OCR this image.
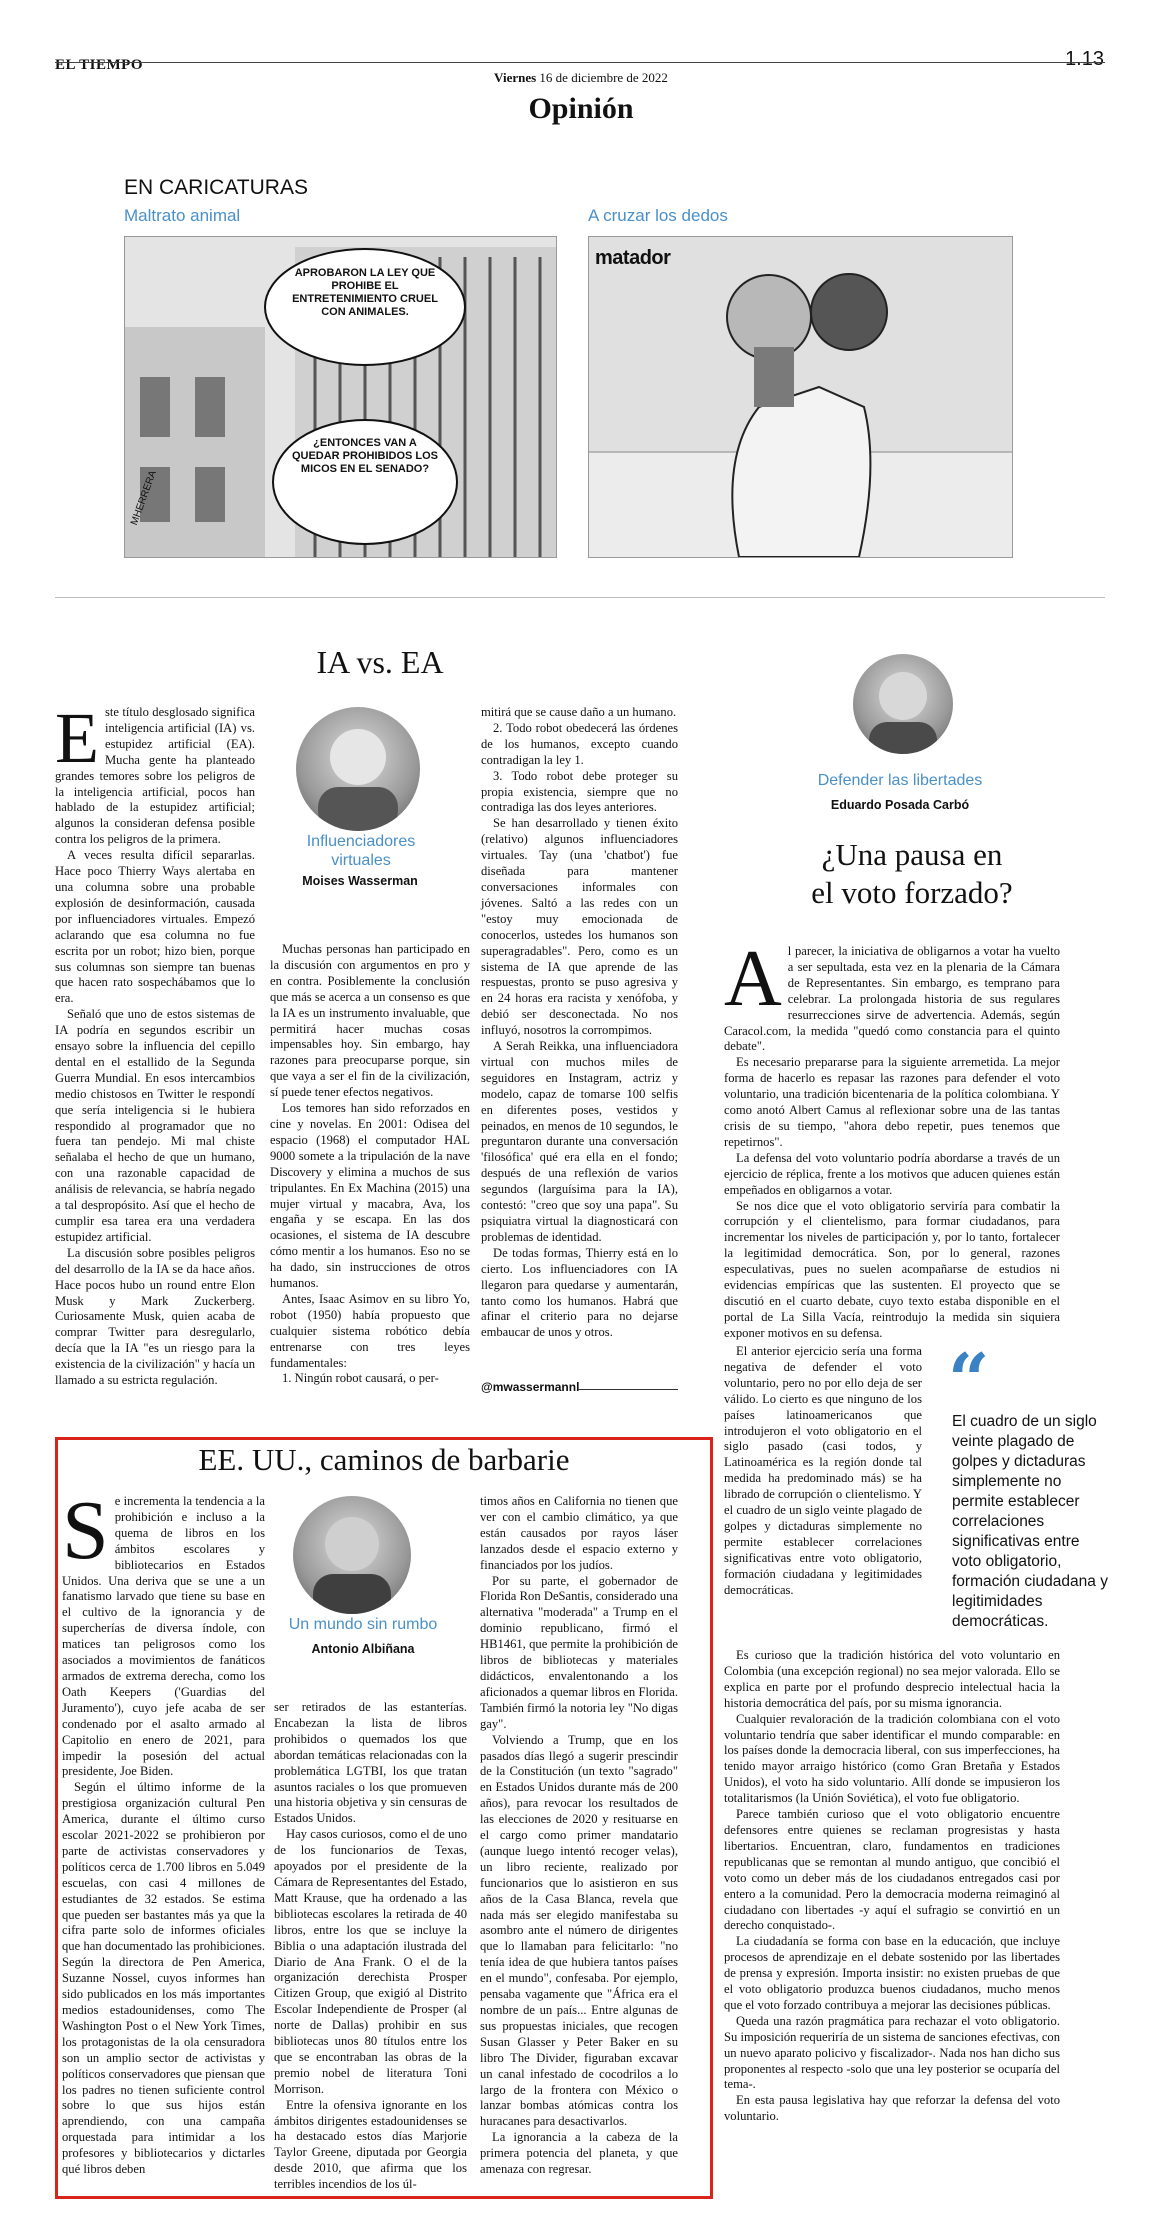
EL TIEMPO
Viernes 16 de diciembre de 2022
1.13
Opinión
EN CARICATURAS
Maltrato animal	A cruzar los dedos
APROBARON LA LEY QUE PROHIBE EL ENTRETENIMIENTO CRUEL CON ANIMALES.
¿ENTONCES VAN A QUEDAR PROHIBIDOS LOS MICOS EN EL SENADO?
MHERRERA
matador
IA vs. EA
E ste título desglosado significa inteligencia artificial (IA) vs. estupidez artificial (EA). Mucha gente ha planteado grandes temores sobre los peligros de la inteligencia artificial, pocos han hablado de la estupidez artificial; algunos la consideran defensa posible contra los peligros de la primera.

A veces resulta difícil separarlas. Hace poco Thierry Ways alertaba en una columna sobre una probable explosión de desinformación, causada por influenciadores virtuales. Empezó aclarando que esa columna no fue escrita por un robot; hizo bien, porque sus columnas son siempre tan buenas que hacen rato sospechábamos que lo era.

Señaló que uno de estos sistemas de IA podría en segundos escribir un ensayo sobre la influencia del cepillo dental en el estallido de la Segunda Guerra Mundial. En esos intercambios medio chistosos en Twitter le respondí que sería inteligencia si le hubiera respondido al programador que no fuera tan pendejo. Mi mal chiste señalaba el hecho de que un humano, con una razonable capacidad de análisis de relevancia, se habría negado a tal despropósito. Así que el hecho de cumplir esa tarea era una verdadera estupidez artificial.

La discusión sobre posibles peligros del desarrollo de la IA se da hace años. Hace pocos hubo un round entre Elon Musk y Mark Zuckerberg. Curiosamente Musk, quien acaba de comprar Twitter para desregularlo, decía que la IA "es un riesgo para la existencia de la civilización" y hacía un llamado a su estricta regulación.

Influenciadores virtuales
Moises Wasserman

Muchas personas han participado en la discusión con argumentos en pro y en contra. Posiblemente la conclusión que más se acerca a un consenso es que la IA es un instrumento invaluable, que permitirá hacer muchas cosas impensables hoy. Sin embargo, hay razones para preocuparse porque, sin que vaya a ser el fin de la civilización, sí puede tener efectos negativos.

Los temores han sido reforzados en cine y novelas. En 2001: Odisea del espacio (1968) el computador HAL 9000 somete a la tripulación de la nave Discovery y elimina a muchos de sus tripulantes. En Ex Machina (2015) una mujer virtual y macabra, Ava, los engaña y se escapa. En las dos ocasiones, el sistema de IA descubre cómo mentir a los humanos. Eso no se ha dado, sin instrucciones de otros humanos.

Antes, Isaac Asimov en su libro Yo, robot (1950) había propuesto que cualquier sistema robótico debía entrenarse con tres leyes fundamentales:

1. Ningún robot causará, o per-

mitirá que se cause daño a un humano.

2. Todo robot obedecerá las órdenes de los humanos, excepto cuando contradigan la ley 1.

3. Todo robot debe proteger su propia existencia, siempre que no contradiga las dos leyes anteriores.

Se han desarrollado y tienen éxito (relativo) algunos influenciadores virtuales. Tay (una 'chatbot') fue diseñada para mantener conversaciones informales con jóvenes. Saltó a las redes con un "estoy muy emocionada de conocerlos, ustedes los humanos son superagradables". Pero, como es un sistema de IA que aprende de las respuestas, pronto se puso agresiva y en 24 horas era racista y xenófoba, y debió ser desconectada. No nos influyó, nosotros la corrompimos.

A Serah Reikka, una influenciadora virtual con muchos miles de seguidores en Instagram, actriz y modelo, capaz de tomarse 100 selfis en diferentes poses, vestidos y peinados, en menos de 10 segundos, le preguntaron durante una conversación 'filosófica' qué era ella en el fondo; después de una reflexión de varios segundos (larguísima para la IA), contestó: "creo que soy una papa". Su psiquiatra virtual la diagnosticará con problemas de identidad.

De todas formas, Thierry está en lo cierto. Los influenciadores con IA llegaron para quedarse y aumentarán, tanto como los humanos. Habrá que afinar el criterio para no dejarse embaucar de unos y otros.

@mwassermannl
Defender las libertades
Eduardo Posada Carbó
¿Una pausa en
el voto forzado?
A l parecer, la iniciativa de obligarnos a votar ha vuelto a ser sepultada, esta vez en la plenaria de la Cámara de Representantes. Sin embargo, es temprano para celebrar. La prolongada historia de sus regulares resurrecciones sirve de advertencia. Además, según Caracol.com, la medida "quedó como constancia para el quinto debate".

Es necesario prepararse para la siguiente arremetida. La mejor forma de hacerlo es repasar las razones para defender el voto voluntario, una tradición bicentenaria de la política colombiana. Y como anotó Albert Camus al reflexionar sobre una de las tantas crisis de su tiempo, "ahora debo repetir, pues tenemos que repetirnos".

La defensa del voto voluntario podría abordarse a través de un ejercicio de réplica, frente a los motivos que aducen quienes están empeñados en obligarnos a votar.

Se nos dice que el voto obligatorio serviría para combatir la corrupción y el clientelismo, para formar ciudadanos, para incrementar los niveles de participación y, por lo tanto, fortalecer la legitimidad democrática. Son, por lo general, razones especulativas, pues no suelen acompañarse de estudios ni evidencias empíricas que las sustenten. El proyecto que se discutió en el cuarto debate, cuyo texto estaba disponible en el portal de La Silla Vacía, reintrodujo la medida sin siquiera exponer motivos en su defensa.

El anterior ejercicio sería una forma negativa de defender el voto voluntario, pero no por ello deja de ser válido. Lo cierto es que ninguno de los países latinoamericanos que introdujeron el voto obligatorio en el siglo pasado (casi todos, y Latinoamérica es la región donde tal medida ha predominado más) se ha librado de corrupción o clientelismo. Y el cuadro de un siglo veinte plagado de golpes y dictaduras simplemente no permite establecer correlaciones significativas entre voto obligatorio, formación ciudadana y legitimidades democráticas.

“
El cuadro de un siglo veinte plagado de golpes y dictaduras simplemente no permite establecer correlaciones significativas entre voto obligatorio, formación ciudadana y legitimidades democráticas.

Es curioso que la tradición histórica del voto voluntario en Colombia (una excepción regional) no sea mejor valorada. Ello se explica en parte por el profundo desprecio intelectual hacia la historia democrática del país, por su misma ignorancia.

Cualquier revaloración de la tradición colombiana con el voto voluntario tendría que saber identificar el mundo comparable: en los países donde la democracia liberal, con sus imperfecciones, ha tenido mayor arraigo histórico (como Gran Bretaña y Estados Unidos), el voto ha sido voluntario. Allí donde se impusieron los totalitarismos (la Unión Soviética), el voto fue obligatorio.

Parece también curioso que el voto obligatorio encuentre defensores entre quienes se reclaman progresistas y hasta libertarios. Encuentran, claro, fundamentos en tradiciones republicanas que se remontan al mundo antiguo, que concibió el voto como un deber más de los ciudadanos entregados casi por entero a la comunidad. Pero la democracia moderna reimaginó al ciudadano con libertades -y aquí el sufragio se convirtió en un derecho conquistado-.

La ciudadanía se forma con base en la educación, que incluye procesos de aprendizaje en el debate sostenido por las libertades de prensa y expresión. Importa insistir: no existen pruebas de que el voto obligatorio produzca buenos ciudadanos, mucho menos que el voto forzado contribuya a mejorar las decisiones públicas.

Queda una razón pragmática para rechazar el voto obligatorio. Su imposición requeriría de un sistema de sanciones efectivas, con un nuevo aparato policivo y fiscalizador-. Nada nos han dicho sus proponentes al respecto -solo que una ley posterior se ocuparía del tema-.

En esta pausa legislativa hay que reforzar la defensa del voto voluntario.

EE. UU., caminos de barbarie
S e incrementa la tendencia a la prohibición e incluso a la quema de libros en los ámbitos escolares y bibliotecarios en Estados Unidos. Una deriva que se une a un fanatismo larvado que tiene su base en el cultivo de la ignorancia y de supercherías de diversa índole, con matices tan peligrosos como los asociados a movimientos de fanáticos armados de extrema derecha, como los Oath Keepers ('Guardias del Juramento'), cuyo jefe acaba de ser condenado por el asalto armado al Capitolio en enero de 2021, para impedir la posesión del actual presidente, Joe Biden.

Según el último informe de la prestigiosa organización cultural Pen America, durante el último curso escolar 2021-2022 se prohibieron por parte de activistas conservadores y políticos cerca de 1.700 libros en 5.049 escuelas, con casi 4 millones de estudiantes de 32 estados. Se estima que pueden ser bastantes más ya que la cifra parte solo de informes oficiales que han documentado las prohibiciones. Según la directora de Pen America, Suzanne Nossel, cuyos informes han sido publicados en los más importantes medios estadounidenses, como The Washington Post o el New York Times, los protagonistas de la ola censuradora son un amplio sector de activistas y políticos conservadores que piensan que los padres no tienen suficiente control sobre lo que sus hijos están aprendiendo, con una campaña orquestada para intimidar a los profesores y bibliotecarios y dictarles qué libros deben

Un mundo sin rumbo
Antonio Albiñana

ser retirados de las estanterías. Encabezan la lista de libros prohibidos o quemados los que abordan temáticas relacionadas con la problemática LGTBI, los que tratan asuntos raciales o los que promueven una historia objetiva y sin censuras de Estados Unidos.

Hay casos curiosos, como el de uno de los funcionarios de Texas, apoyados por el presidente de la Cámara de Representantes del Estado, Matt Krause, que ha ordenado a las bibliotecas escolares la retirada de 40 libros, entre los que se incluye la Biblia o una adaptación ilustrada del Diario de Ana Frank. O el de la organización derechista Prosper Citizen Group, que exigió al Distrito Escolar Independiente de Prosper (al norte de Dallas) prohibir en sus bibliotecas unos 80 títulos entre los que se encontraban las obras de la premio nobel de literatura Toni Morrison.

Entre la ofensiva ignorante en los ámbitos dirigentes estadounidenses se ha destacado estos días Marjorie Taylor Greene, diputada por Georgia desde 2010, que afirma que los terribles incendios de los úl-

timos años en California no tienen que ver con el cambio climático, ya que están causados por rayos láser lanzados desde el espacio externo y financiados por los judíos.

Por su parte, el gobernador de Florida Ron DeSantis, considerado una alternativa "moderada" a Trump en el dominio republicano, firmó el HB1461, que permite la prohibición de libros de bibliotecas y materiales didácticos, envalentonando a los aficionados a quemar libros en Florida. También firmó la notoria ley "No digas gay".

Volviendo a Trump, que en los pasados días llegó a sugerir prescindir de la Constitución (un texto "sagrado" en Estados Unidos durante más de 200 años), para revocar los resultados de las elecciones de 2020 y resituarse en el cargo como primer mandatario (aunque luego intentó recoger velas), un libro reciente, realizado por funcionarios que lo asistieron en sus años de la Casa Blanca, revela que nada más ser elegido manifestaba su asombro ante el número de dirigentes que lo llamaban para felicitarlo: "no tenía idea de que hubiera tantos países en el mundo", confesaba. Por ejemplo, pensaba vagamente que "África era el nombre de un país... Entre algunas de sus propuestas iniciales, que recogen Susan Glasser y Peter Baker en su libro The Divider, figuraban excavar un canal infestado de cocodrilos a lo largo de la frontera con México o lanzar bombas atómicas contra los huracanes para desactivarlos.

La ignorancia a la cabeza de la primera potencia del planeta, y que amenaza con regresar.
